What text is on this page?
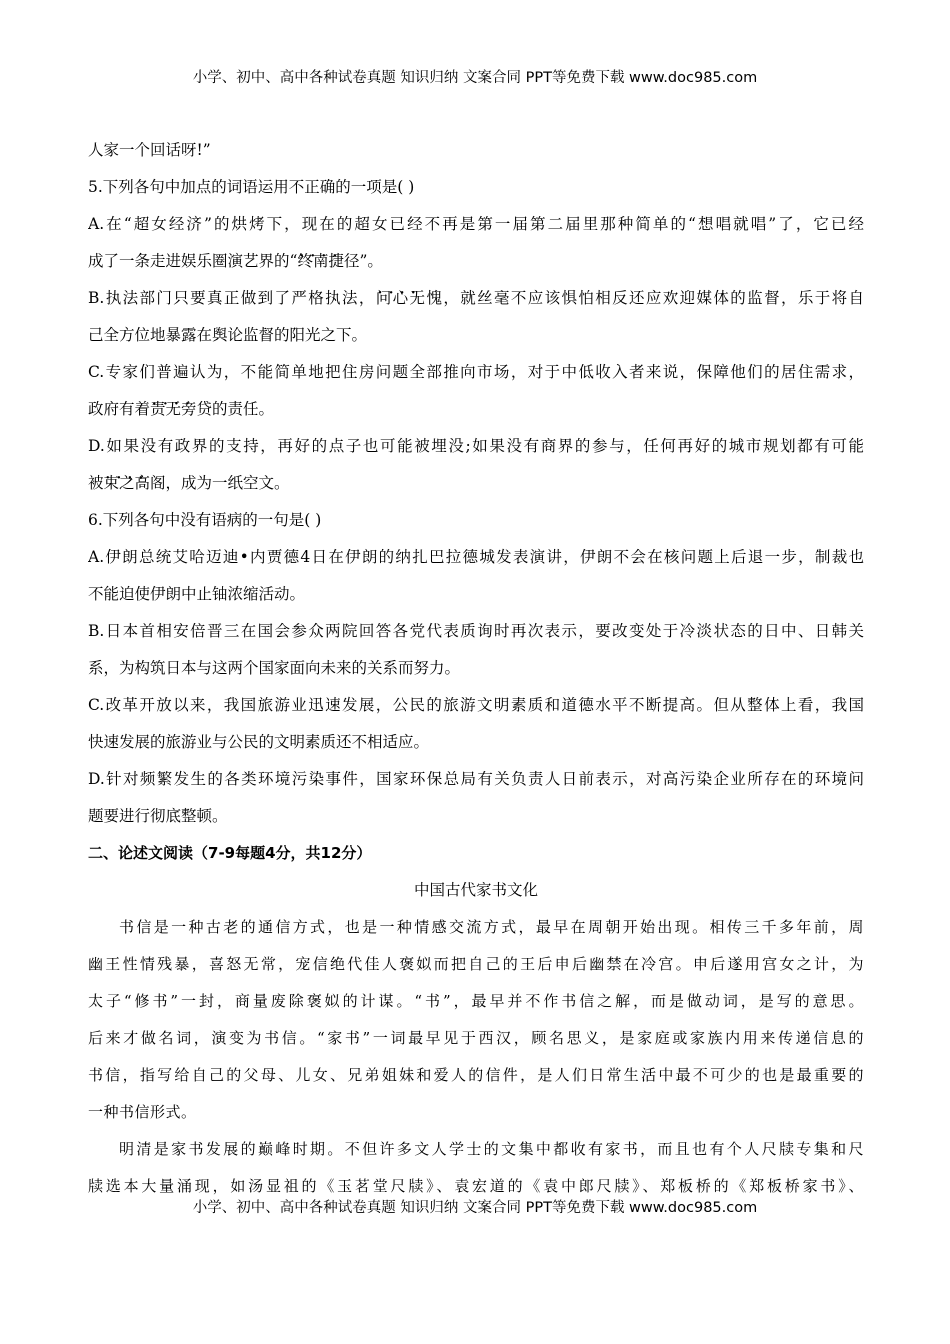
小学、初中、高中各种试卷真题 知识归纳 文案合同 PPT等免费下载 www.doc985.com
人家一个回话呀!”
5.下列各句中加点的词语运用不正确的一项是( )
A.在“超女经济”的烘烤下，现在的超女已经不再是第一届第二届里那种简单的“想唱就唱”了，它已经
成了一条走进娱乐圈演艺界的“· · · · 终南捷径”。
B.执法部门只要真正做到了严格执法，· · · · 问心无愧，就丝毫不应该惧怕相反还应欢迎媒体的监督，乐于将自
己全方位地暴露在舆论监督的阳光之下。
C.专家们普遍认为，不能简单地把住房问题全部推向市场，对于中低收入者来说，保障他们的居住需求，
政府有着· · · · 责无旁贷的责任。
D.如果没有政界的支持，再好的点子也可能被埋没;如果没有商界的参与，任何再好的城市规划都有可能
被· · · · 束之高阁，成为一纸空文。
6.下列各句中没有语病的一句是( )
A.伊朗总统艾哈迈迪•内贾德4日在伊朗的纳扎巴拉德城发表演讲，伊朗不会在核问题上后退一步，制裁也
不能迫使伊朗中止铀浓缩活动。
B.日本首相安倍晋三在国会参众两院回答各党代表质询时再次表示，要改变处于冷淡状态的日中、日韩关
系，为构筑日本与这两个国家面向未来的关系而努力。
C.改革开放以来，我国旅游业迅速发展，公民的旅游文明素质和道德水平不断提高。但从整体上看，我国
快速发展的旅游业与公民的文明素质还不相适应。
D.针对频繁发生的各类环境污染事件，国家环保总局有关负责人日前表示，对高污染企业所存在的环境问
题要进行彻底整顿。
二、论述文阅读（7-9每题4分，共12分）
中国古代家书文化
书信是一种古老的通信方式，也是一种情感交流方式，最早在周朝开始出现。相传三千多年前，周
幽王性情残暴，喜怒无常，宠信绝代佳人褒姒而把自己的王后申后幽禁在冷宫。申后遂用宫女之计，为
太子“修书”一封，商量废除褒姒的计谋。“书”，最早并不作书信之解，而是做动词，是写的意思。
后来才做名词，演变为书信。“家书”一词最早见于西汉，顾名思义，是家庭或家族内用来传递信息的
书信，指写给自己的父母、儿女、兄弟姐妹和爱人的信件，是人们日常生活中最不可少的也是最重要的
一种书信形式。
明清是家书发展的巅峰时期。不但许多文人学士的文集中都收有家书，而且也有个人尺牍专集和尺
牍选本大量涌现，如汤显祖的《玉茗堂尺牍》、袁宏道的《袁中郎尺牍》、郑板桥的《郑板桥家书》、
小学、初中、高中各种试卷真题 知识归纳 文案合同 PPT等免费下载 www.doc985.com
